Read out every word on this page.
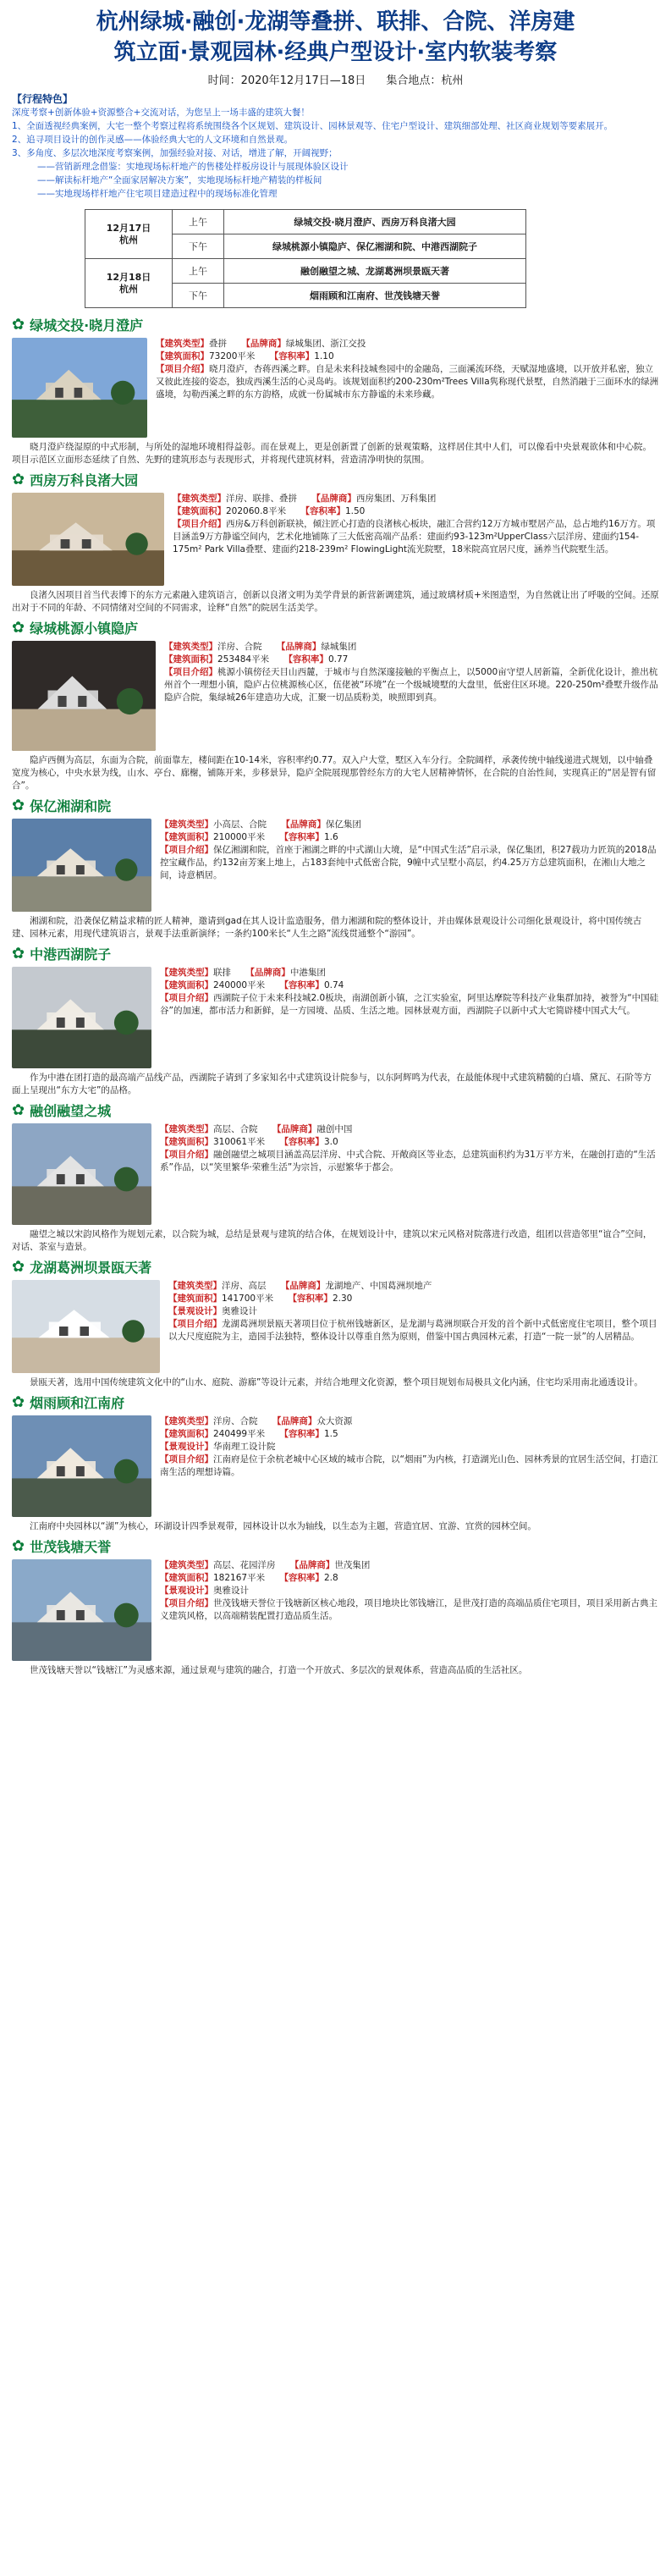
杭州绿城·融创·龙湖等叠拼、联排、合院、洋房建
筑立面·景观园林·经典户型设计·室内软装考察
时间：2020年12月17日—18日 集合地点：杭州
【行程特色】
深度考察+创新体验+资源整合+交流对话，为您呈上一场丰盛的建筑大餐！
1、全面透视经典案例，大宅一整个考察过程将系统围绕各个区规划、建筑设计、园林景观等、住宅户型设计、建筑细部处理、社区商业规划等要素展开。
2、追寻项目设计的创作灵感——体验经典大宅的人文环境和自然景观。
3、多角度、多层次地深度考察案例，加强经验对接、对话，增进了解，开阔视野；
——营销新理念借鉴：实地现场标杆地产的售楼处样板房设计与展现体验区设计
——解读标杆地产“全面家居解决方案”，实地现场标杆地产精装的样板间
——实地现场样杆地产住宅项目建造过程中的现场标准化管理
12月17日
杭州	上午	绿城交投·晓月澄庐、西房万科良渚大园
	下午	绿城桃源小镇隐庐、保亿湘湖和院、中港西湖院子
12月18日
杭州	上午	融创融望之城、龙湖葛洲坝景瓯天著
	下午	烟雨顾和江南府、世茂钱塘天誉
✿ 绿城交投·晓月澄庐
【建筑类型】叠拼 【品牌商】绿城集团、浙江交投
【建筑面积】73200平米 【容积率】1.10
【项目介绍】晓月澄庐，杏蒋西溪之畔。自是未来科技城叁园中的金融岛，三面溪流环绕，天赋湿地盛境，以开放并私密，独立又彼此连接的姿态，独成西溪生活的心灵岛屿。该规划面积约200-230m²Trees Villa隽称现代景墅，自然消融于三面环水的绿洲盛境，勾勒西溪之畔的东方韵格，成就一份属城市东方静谧的未来珍藏。
晓月澄庐绕湿原的中式形制，与所处的湿地环境相得益彰。而在景观上，更是创新置了创新的景观策略，这样居住其中人们，可以像看中央景观欲体和中心院。项目示范区立面形态延续了自然、先野的建筑形态与表现形式，并将现代建筑材料，营造清净明快的氛围。
✿ 西房万科良渚大园
【建筑类型】洋房、联排、叠拼 【品牌商】西房集团、万科集团
【建筑面积】202060.8平米 【容积率】1.50
【项目介绍】西房&万科创新联袂，倾注匠心打造的良渚核心板块，融汇合营约12万方城市墅居产品，总占地约16万方。项目涵盖9万方静谧空间内，艺术化地铺陈了三大低密高端产品系：建面约93-123m²UpperClass六层洋房、建面约154-175m² Park Villa叠墅、建面约218-239m² FlowingLight流光院墅，18米院高宜居尺度，涵养当代院墅生活。
良渚久因项目首当代表博下的东方元素融入建筑语言，创新以良渚文明为美学背景的新营新调建筑，通过玻璃材质+米图造型，为自然就让出了呼吸的空间。还原出对于不同的年龄、不同情绪对空间的不同需求，诠释“自然”的院居生活美学。
✿ 绿城桃源小镇隐庐
【建筑类型】洋房、合院 【品牌商】绿城集团
【建筑面积】253484平米 【容积率】0.77
【项目介绍】桃源小镇傍径天目山西麓，于城市与自然深邃接触的平衡点上，以5000亩守望人居新篇，全新优化设计，推出杭州首个一理想小镇，隐庐占位桃源核心区，伍佬被“环境”在一个级城境墅的大盘里，低密住区环境。220-250m²叠墅升级作品隐庐合院，集绿城26年建造功大成，汇聚一切品质粉美，映照即到真。
隐庐西侧为高层，东面为合院，前面靠左，楼间距在10-14米，容积率约0.77。双入户大堂，墅区入车分行。全院阔样，承袭传统中轴线递进式规划，以中轴叠宽度为核心，中央水景为线，山水、亭台、廊榭，铺陈开来，步移景异，隐庐全院展现那曾经东方的大宅人居精神情怀，在合院的自治性间，实现真正的“居是智有留合”。
✿ 保亿湘湖和院
【建筑类型】小高层、合院 【品牌商】保亿集团
【建筑面积】210000平米 【容积率】1.6
【项目介绍】保亿湘湖和院，首座于湘湖之畔的中式湖山大境，是“中国式生活”启示录，保亿集团，积27载功力匠筑的2018品控宝藏作品，约132亩芳案上地上，占183套纯中式低密合院，9幢中式呈墅小高层，约4.25万方总建筑面积，在湘山大地之间，诗意栖居。
湘湖和院，沿袭保亿精益求精的匠人精神，邀请到gad在其人设计监造服务，借力湘湖和院的整体设计，并由媒体景观设计公司细化景观设计，将中国传统古建、园林元素，用现代建筑语言，景观手法重新演绎；一条约100米长“人生之路”流线贯通整个“游园”。
✿ 中港西湖院子
【建筑类型】联排 【品牌商】中港集团
【建筑面积】240000平米 【容积率】0.74
【项目介绍】西湖院子位于未来科技城2.0板块，南湖创新小镇，之江实验室，阿里达摩院等科技产业集群加持，被誉为“中国硅谷”的加速，都市活力和新鲜，是一方园境、品质、生活之地。园林景观方面，西湖院子以新中式大宅简辟楼中国式大气。
作为中港在团打造的最高端产品线产品，西湖院子请到了多家知名中式建筑设计院参与，以东阿辉鸣为代表，在最能体现中式建筑精髓的白墙、黛瓦、石阶等方面上呈现出“东方大宅”的品格。
✿ 融创融望之城
【建筑类型】高层、合院 【品牌商】融创中国
【建筑面积】310061平米 【容积率】3.0
【项目介绍】融创融望之城项目涵盖高层洋房、中式合院、开敞商区等业态，总建筑面积约为31万平方米，在融创打造的“生活系”作品，以“笑里繁华·荣雅生活”为宗旨，示慰繁华于都会。
融望之城以宋韵风格作为规划元素，以合院为城，总结是景观与建筑的结合体，在规划设计中，建筑以宋元风格对院落进行改造，组团以营造邻里“谊合”空间，对话、茶室与造景。
✿ 龙湖葛洲坝景瓯天著
【建筑类型】洋房、高层 【品牌商】龙湖地产、中国葛洲坝地产
【建筑面积】141700平米 【容积率】2.30
【景观设计】奥雅设计
【项目介绍】龙湖葛洲坝景瓯天著项目位于杭州钱塘新区，是龙湖与葛洲坝联合开发的首个新中式低密度住宅项目，整个项目以大尺度庭院为主，造园手法独特，整体设计以尊重自然为原则，借鉴中国古典园林元素，打造“一院一景”的人居精品。
景瓯天著，选用中国传统建筑文化中的“山水、庭院、游廊”等设计元素，并结合地理文化资源，整个项目规划布局极具文化内涵，住宅均采用南北通透设计。
✿ 烟雨顾和江南府
【建筑类型】洋房、合院 【品牌商】众大资源
【建筑面积】240499平米 【容积率】1.5
【景观设计】华南理工设计院
【项目介绍】江南府是位于余杭老城中心区域的城市合院，以“烟雨”为内核，打造湖光山色、园林秀景的宜居生活空间，打造江南生活的理想诗篇。
江南府中央园林以“湖”为核心，环湖设计四季景观带，园林设计以水为轴线，以生态为主题，营造宜居、宜游、宜赏的园林空间。
✿ 世茂钱塘天誉
【建筑类型】高层、花园洋房 【品牌商】世茂集团
【建筑面积】182167平米 【容积率】2.8
【景观设计】奥雅设计
【项目介绍】世茂钱塘天誉位于钱塘新区核心地段，项目地块比邻钱塘江，是世茂打造的高端品质住宅项目，项目采用新古典主义建筑风格，以高端精装配置打造品质生活。
世茂钱塘天誉以“钱塘江”为灵感来源，通过景观与建筑的融合，打造一个开放式、多层次的景观体系，营造高品质的生活社区。
